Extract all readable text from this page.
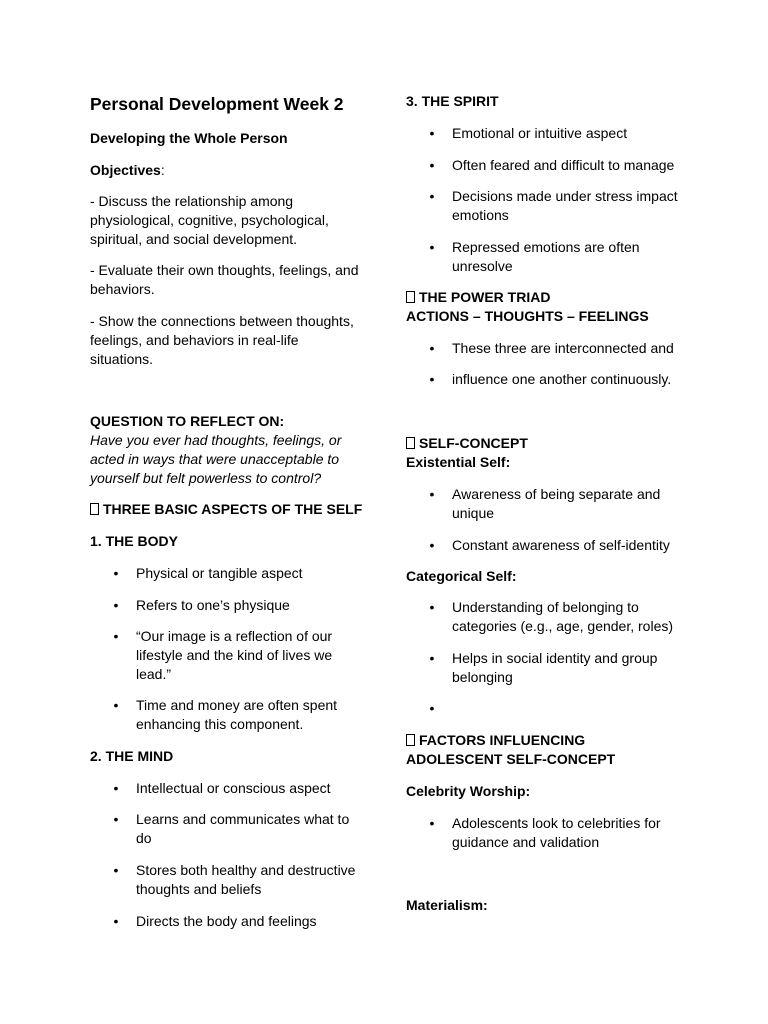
Personal Development Week 2
Developing the Whole Person
Objectives:
- Discuss the relationship among physiological, cognitive, psychological, spiritual, and social development.
- Evaluate their own thoughts, feelings, and behaviors.
- Show the connections between thoughts, feelings, and behaviors in real-life situations.
QUESTION TO REFLECT ON:
Have you ever had thoughts, feelings, or acted in ways that were unacceptable to yourself but felt powerless to control?
THREE BASIC ASPECTS OF THE SELF
1. THE BODY
• Physical or tangible aspect
• Refers to one’s physique
• “Our image is a reflection of our lifestyle and the kind of lives we lead.”
• Time and money are often spent enhancing this component.
2. THE MIND
• Intellectual or conscious aspect
• Learns and communicates what to do
• Stores both healthy and destructive thoughts and beliefs
• Directs the body and feelings
3. THE SPIRIT
• Emotional or intuitive aspect
• Often feared and difficult to manage
• Decisions made under stress impact emotions
• Repressed emotions are often unresolve
THE POWER TRIAD
ACTIONS – THOUGHTS – FEELINGS
• These three are interconnected and
• influence one another continuously.
SELF-CONCEPT
Existential Self:
• Awareness of being separate and unique
• Constant awareness of self-identity
Categorical Self:
• Understanding of belonging to categories (e.g., age, gender, roles)
• Helps in social identity and group belonging
•
FACTORS INFLUENCING
ADOLESCENT SELF-CONCEPT
Celebrity Worship:
• Adolescents look to celebrities for guidance and validation
Materialism:
